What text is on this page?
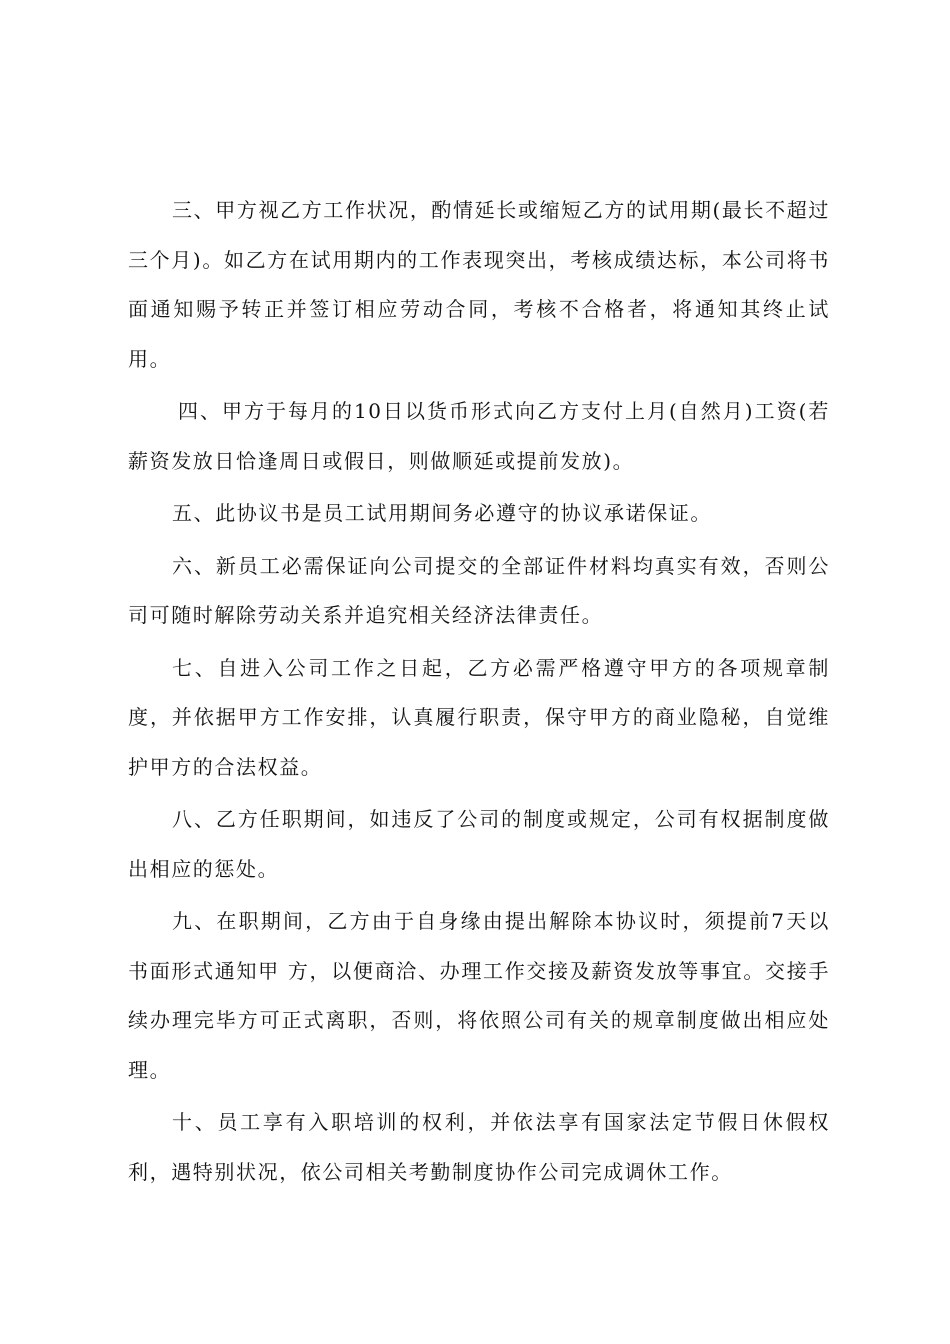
三、甲方视乙方工作状况，酌情延长或缩短乙方的试用期(最长不超过三个月)。如乙方在试用期内的工作表现突出，考核成绩达标，本公司将书面通知赐予转正并签订相应劳动合同，考核不合格者，将通知其终止试用。

四、甲方于每月的10日以货币形式向乙方支付上月(自然月)工资(若薪资发放日恰逢周日或假日，则做顺延或提前发放)。

五、此协议书是员工试用期间务必遵守的协议承诺保证。

六、新员工必需保证向公司提交的全部证件材料均真实有效，否则公司可随时解除劳动关系并追究相关经济法律责任。

七、自进入公司工作之日起，乙方必需严格遵守甲方的各项规章制度，并依据甲方工作安排，认真履行职责，保守甲方的商业隐秘，自觉维护甲方的合法权益。

八、乙方任职期间，如违反了公司的制度或规定，公司有权据制度做出相应的惩处。

九、在职期间，乙方由于自身缘由提出解除本协议时，须提前7天以书面形式通知甲 方，以便商洽、办理工作交接及薪资发放等事宜。交接手续办理完毕方可正式离职，否则，将依照公司有关的规章制度做出相应处理。

十、员工享有入职培训的权利，并依法享有国家法定节假日休假权利，遇特别状况，依公司相关考勤制度协作公司完成调休工作。
